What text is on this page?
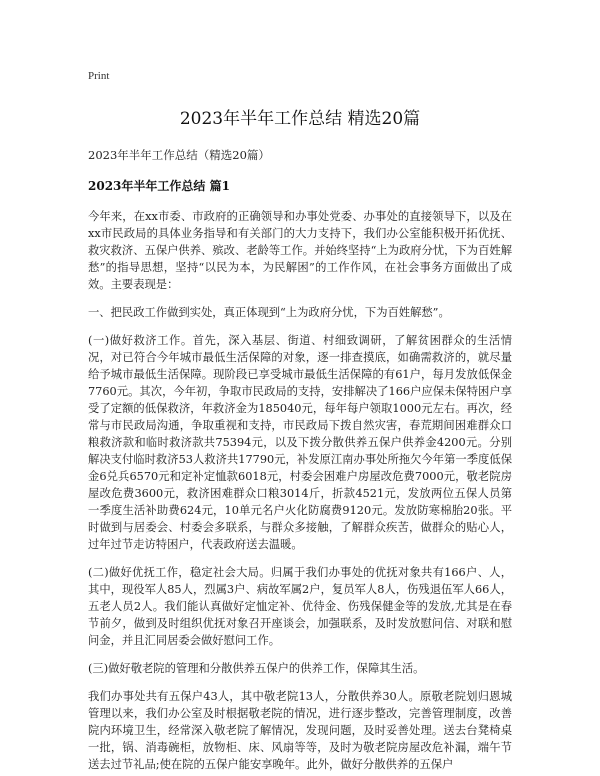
Print
2023年半年工作总结 精选20篇
2023年半年工作总结（精选20篇）
2023年半年工作总结 篇1

今年来，在xx市委、市政府的正确领导和办事处党委、办事处的直接领导下，以及在xx市民政局的具体业务指导和有关部门的大力支持下，我们办公室能积极开拓优抚、救灾救济、五保户供养、殡改、老龄等工作。并始终坚持“上为政府分忧，下为百姓解愁”的指导思想，坚持“以民为本，为民解困”的工作作风，在社会事务方面做出了成效。主要表现是：

一、把民政工作做到实处，真正体现到“上为政府分忧，下为百姓解愁”。

(一)做好救济工作。首先，深入基层、街道、村细致调研，了解贫困群众的生活情况，对已符合今年城市最低生活保障的对象，逐一排查摸底，如确需救济的，就尽量给予城市最低生活保障。现阶段已享受城市最低生活保障的有61户，每月发放低保金7760元。其次，今年初，争取市民政局的支持，安排解决了166户应保未保特困户享受了定额的低保救济，年救济金为185040元，每年每户领取1000元左右。再次，经常与市民政局沟通，争取重视和支持，市民政局下拨自然灾害，春荒期间困难群众口粮救济款和临时救济款共75394元，以及下拨分散供养五保户供养金4200元。分别解决支付临时救济53人救济共17790元，补发原江南办事处所拖欠今年第一季度低保金6兑兵6570元和定补定恤款6018元，村委会困难户房屋改危费7000元，敬老院房屋改危费3600元，救济困难群众口粮3014斤，折款4521元，发放两位五保人员第一季度生活补助费624元，10单元名户火化防腐费9120元。发放防寒棉胎20张。平时做到与居委会、村委会多联系，与群众多接触，了解群众疾苦，做群众的贴心人，过年过节走访特困户，代表政府送去温暖。

(二)做好优抚工作，稳定社会大局。归属于我们办事处的优抚对象共有166户、人，其中，现役军人85人，烈属3户、病故军属2户，复员军人8人，伤残退伍军人66人，五老人员2人。我们能认真做好定恤定补、优待金、伤残保健金等的发放,尤其是在春节前夕，做到及时组织优抚对象召开座谈会，加强联系，及时发放慰问信、对联和慰问金，并且汇同居委会做好慰问工作。

(三)做好敬老院的管理和分散供养五保户的供养工作，保障其生活。

我们办事处共有五保户43人，其中敬老院13人，分散供养30人。原敬老院划归恩城管理以来，我们办公室及时根据敬老院的情况，进行逐步整改，完善管理制度，改善院内环境卫生，经常深入敬老院了解情况，发现问题，及时妥善处理。送去台凳椅桌一批，锅、消毒碗柜，放物柜、床、风扇等等，及时为敬老院房屋改危补漏，端午节送去过节礼品;使在院的五保户能安享晚年。此外，做好分散供养的五保户
